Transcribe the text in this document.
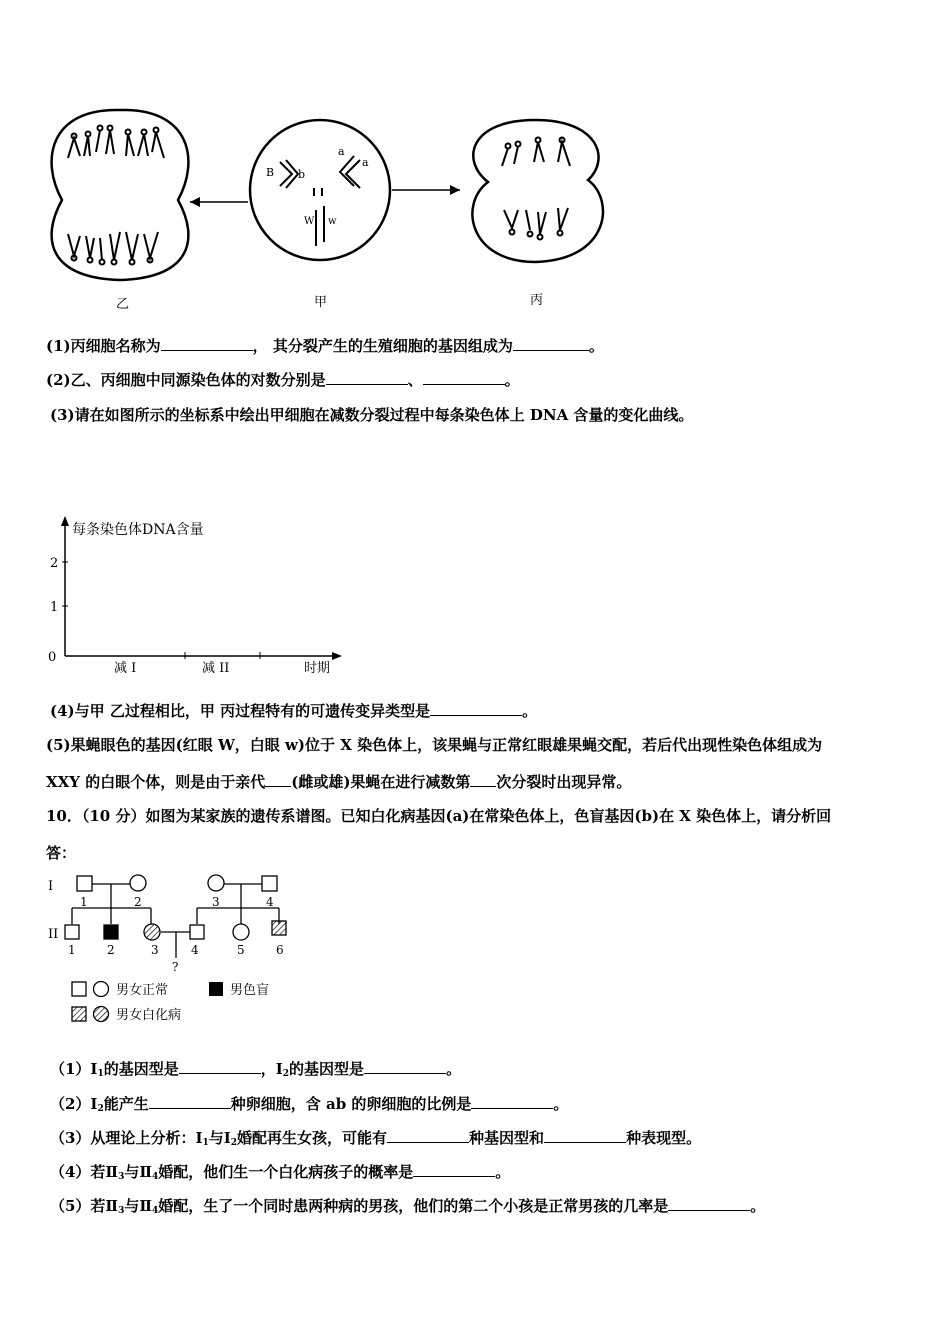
B b
a
a
W w
乙	甲	丙
(1)丙细胞名称为	， 其分裂产生的生殖细胞的基因组成为	。
(2)乙、丙细胞中同源染色体的对数分别是	、	。
(3)请在如图所示的坐标系中绘出甲细胞在减数分裂过程中每条染色体上 DNA 含量的变化曲线。
每条染色体DNA含量
2
1
0
减 I	减 II	时期
(4)与甲 乙过程相比，甲 丙过程特有的可遗传变异类型是	。
(5)果蝇眼色的基因(红眼 W，白眼 w)位于 X 染色体上，该果蝇与正常红眼雄果蝇交配，若后代出现性染色体组成为
XXY 的白眼个体，则是由于亲代 (雌或雄)果蝇在进行减数第 次分裂时出现异常。
10．（10 分）如图为某家族的遗传系谱图。已知白化病基因(a)在常染色体上，色盲基因(b)在 X 染色体上，请分析回
答：
I
II
1	2	3	4
1	2	3	4	5	6
?
男女正常	男色盲
男女白化病
$(1)Ⅰ_1$的基因型是	，$Ⅰ_2$的基因型是	。
$(2)Ⅰ_2$能产生	种卵细胞，含 ab 的卵细胞的比例是	。
（3）从理论上分析：$Ⅰ_1$与$Ⅰ_2$婚配再生女孩，可能有	种基因型和	种表现型。
（4）若$Ⅱ_3$与$Ⅱ_4$婚配，他们生一个白化病孩子的概率是	。
（5）若$Ⅱ_3$与$Ⅱ_4$婚配，生了一个同时患两种病的男孩，他们的第二个小孩是正常男孩的几率是	。
